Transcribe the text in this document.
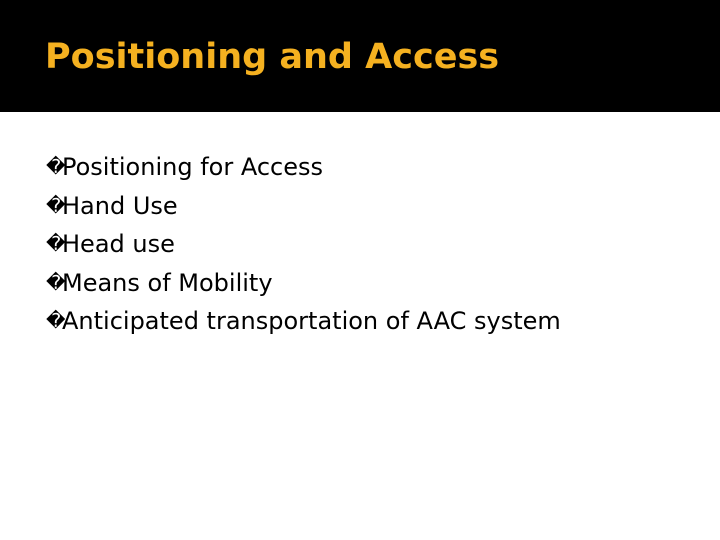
Positioning and Access
�
Positioning for Access
�
Hand Use
�
Head use
�
Means of Mobility
�
Anticipated transportation of AAC system
